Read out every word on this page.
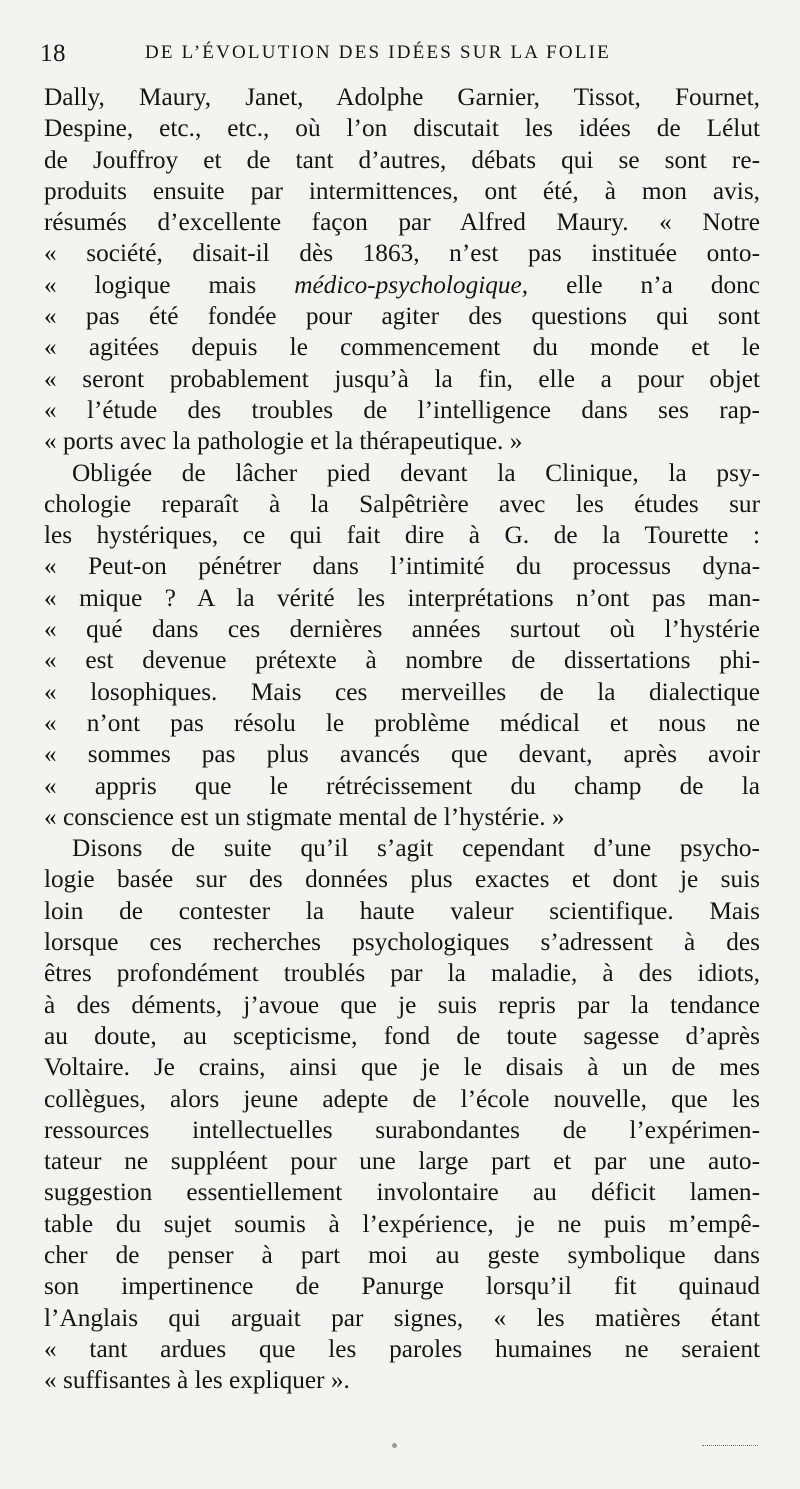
18	DE L’ÉVOLUTION DES IDÉES SUR LA FOLIE
Dally, Maury, Janet, Adolphe Garnier, Tissot, Fournet,
Despine, etc., etc., où l’on discutait les idées de Lélut
de Jouffroy et de tant d’autres, débats qui se sont re-
produits ensuite par intermittences, ont été, à mon avis,
résumés d’excellente façon par Alfred Maury. « Notre
« société, disait-il dès 1863, n’est pas instituée onto-
« logique mais médico-psychologique, elle n’a donc
« pas été fondée pour agiter des questions qui sont
« agitées depuis le commencement du monde et le
« seront probablement jusqu’à la fin, elle a pour objet
« l’étude des troubles de l’intelligence dans ses rap-
« ports avec la pathologie et la thérapeutique. »
Obligée de lâcher pied devant la Clinique, la psy-
chologie reparaît à la Salpêtrière avec les études sur
les hystériques, ce qui fait dire à G. de la Tourette :
« Peut-on pénétrer dans l’intimité du processus dyna-
« mique ? A la vérité les interprétations n’ont pas man-
« qué dans ces dernières années surtout où l’hystérie
« est devenue prétexte à nombre de dissertations phi-
« losophiques. Mais ces merveilles de la dialectique
« n’ont pas résolu le problème médical et nous ne
« sommes pas plus avancés que devant, après avoir
« appris que le rétrécissement du champ de la
« conscience est un stigmate mental de l’hystérie. »
Disons de suite qu’il s’agit cependant d’une psycho-
logie basée sur des données plus exactes et dont je suis
loin de contester la haute valeur scientifique. Mais
lorsque ces recherches psychologiques s’adressent à des
êtres profondément troublés par la maladie, à des idiots,
à des déments, j’avoue que je suis repris par la tendance
au doute, au scepticisme, fond de toute sagesse d’après
Voltaire. Je crains, ainsi que je le disais à un de mes
collègues, alors jeune adepte de l’école nouvelle, que les
ressources intellectuelles surabondantes de l’expérimen-
tateur ne suppléent pour une large part et par une auto-
suggestion essentiellement involontaire au déficit lamen-
table du sujet soumis à l’expérience, je ne puis m’empê-
cher de penser à part moi au geste symbolique dans
son impertinence de Panurge lorsqu’il fit quinaud
l’Anglais qui arguait par signes, « les matières étant
« tant ardues que les paroles humaines ne seraient
« suffisantes à les expliquer ».
